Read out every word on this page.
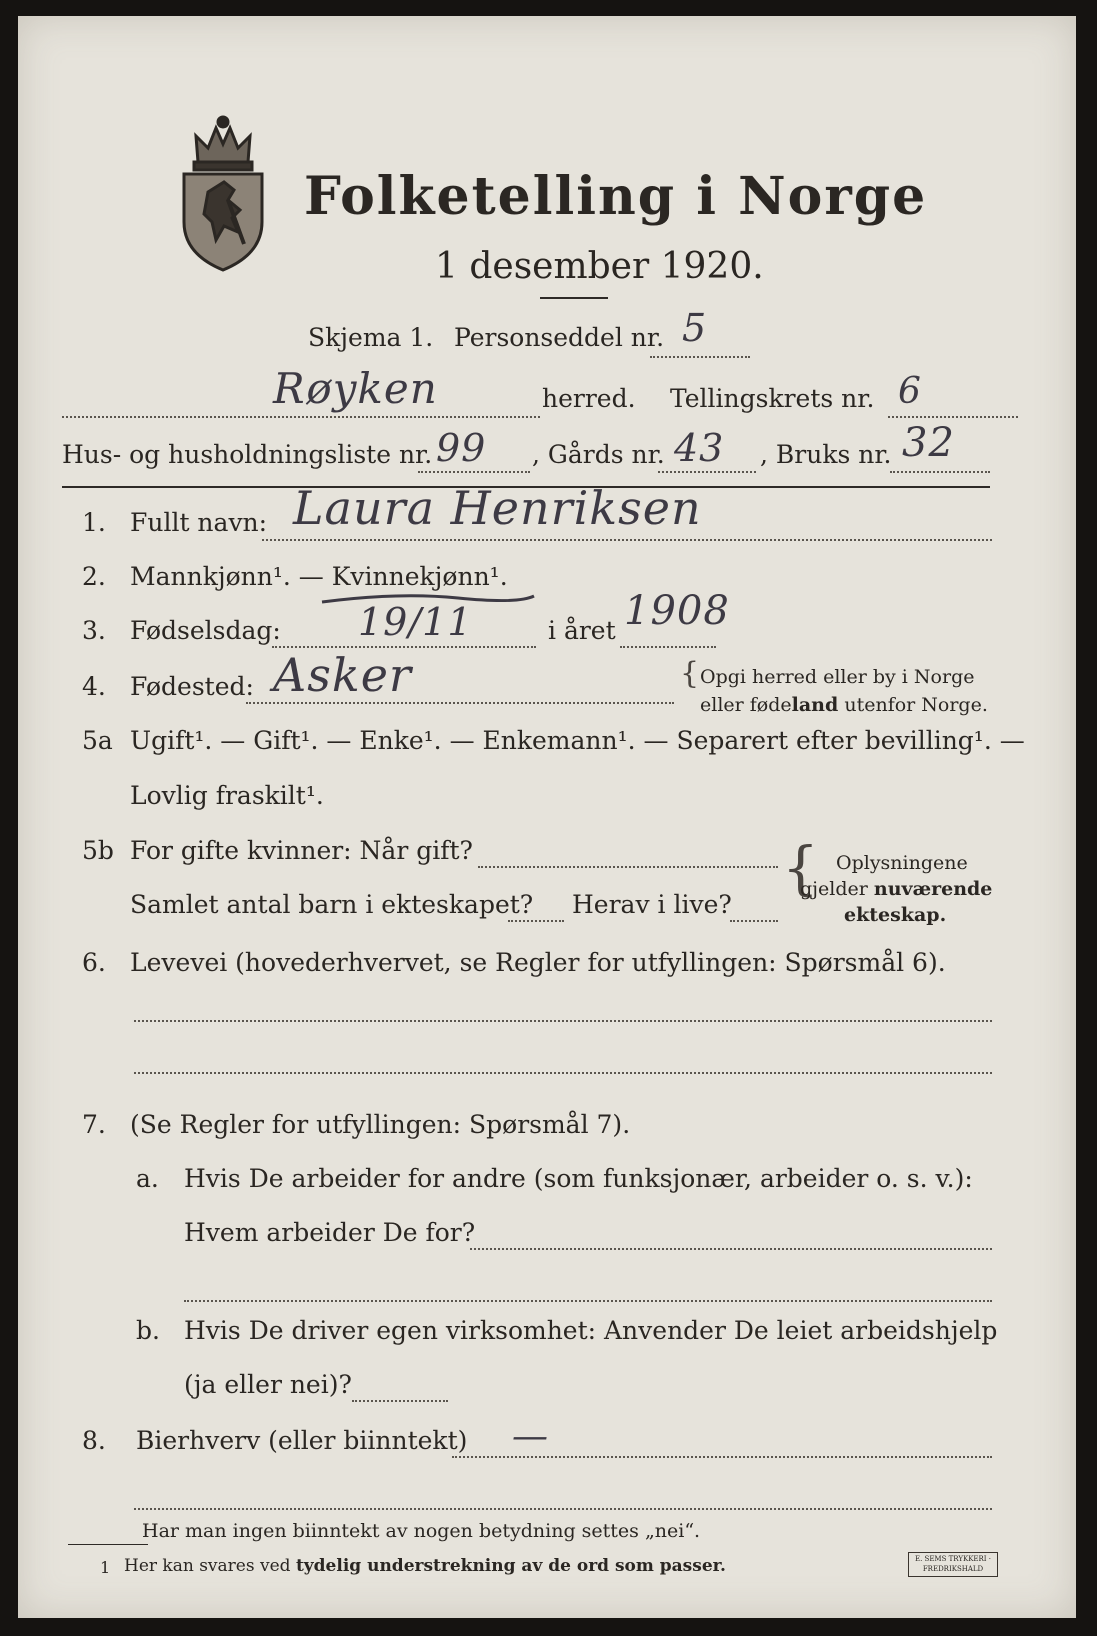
Folketelling i Norge
1 desember 1920.
Skjema 1. Personseddel nr. 5
Røyken	herred. Tellingskrets nr. 6
Hus- og husholdningsliste nr. 99 , Gårds nr. 43 , Bruks nr. 32
1. Fullt navn: Laura Henriksen
2. Mannkjønn¹. — Kvinnekjønn¹.
3. Fødselsdag: 19/11	i året 1908
4. Fødested: Asker	{ Opgi herred eller by i Norge
eller fødeland utenfor Norge.
5a Ugift¹. — Gift¹. — Enke¹. — Enkemann¹. — Separert efter bevilling¹. —
Lovlig fraskilt¹.
5b For gifte kvinner: Når gift?
Samlet antal barn i ekteskapet? Herav i live?
{ Oplysningene
gjelder nuværende
ekteskap.
6. Levevei (hovederhvervet, se Regler for utfyllingen: Spørsmål 6).
7. (Se Regler for utfyllingen: Spørsmål 7).
a. Hvis De arbeider for andre (som funksjonær, arbeider o. s. v.):
Hvem arbeider De for?
b. Hvis De driver egen virksomhet: Anvender De leiet arbeidshjelp
(ja eller nei)?
8. Bierhverv (eller biinntekt) —
Har man ingen biinntekt av nogen betydning settes „nei“.
1 Her kan svares ved tydelig understrekning av de ord som passer.	E. SEMS TRYKKERI · FREDRIKSHALD
